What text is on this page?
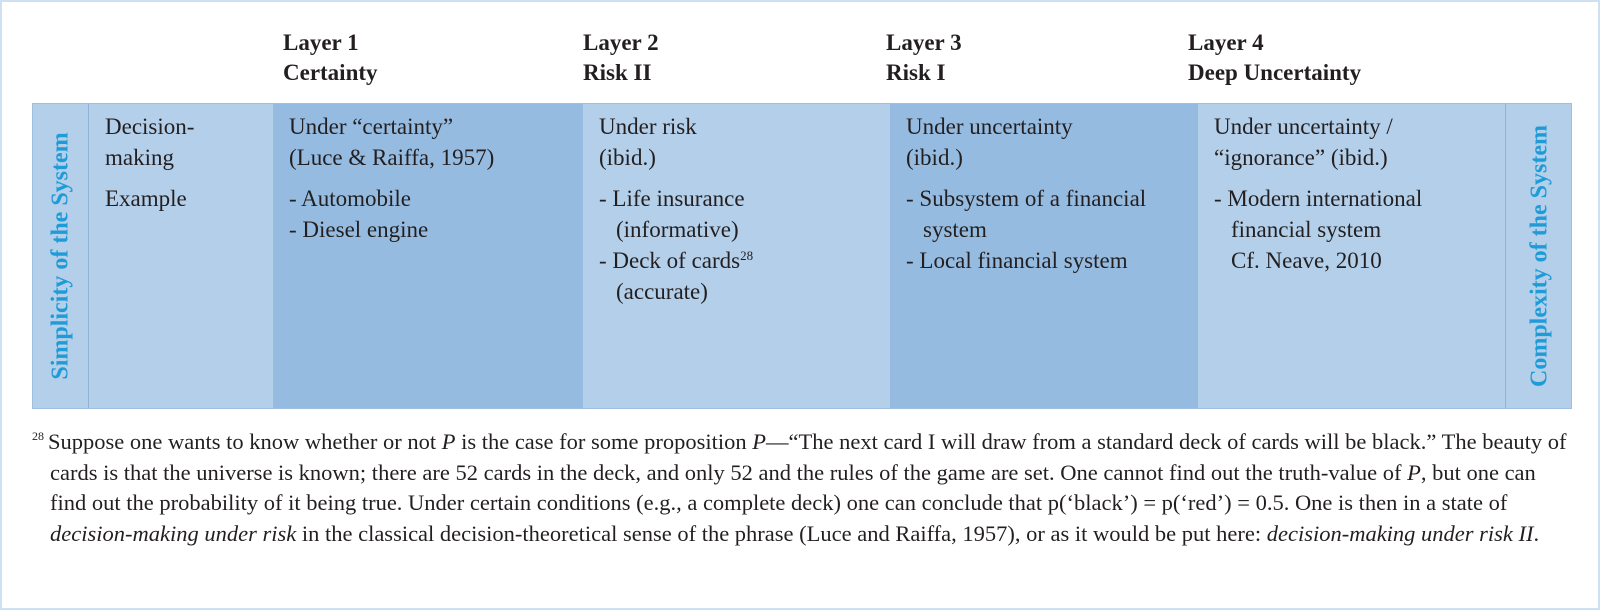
Layer 1
Certainty
Layer 2
Risk II
Layer 3
Risk I
Layer 4
Deep Uncertainty
Simplicity of the System
Decision-
making
Example
Under “certainty”
(Luce & Raiffa, 1957)
- Automobile
- Diesel engine
Under risk
(ibid.)
- Life insurance
(informative)
- Deck of cards$^{28}$
(accurate)
Under uncertainty
(ibid.)
- Subsystem of a financial
system
- Local financial system
Under uncertainty /
“ignorance” (ibid.)
- Modern international
financial system
Cf. Neave, 2010	Complexity of the System

$^{28}$ Suppose one wants to know whether or not P is the case for some proposition P—“The next card I will draw from a standard deck of cards will be black.” The beauty of cards is that the universe is known; there are 52 cards in the deck, and only 52 and the rules of the game are set. One cannot find out the truth-value of P, but one can find out the probability of it being true. Under certain conditions (e.g., a complete deck) one can conclude that p(‘black’) = p(‘red’) = 0.5. One is then in a state of decision-making under risk in the classical decision-theoretical sense of the phrase (Luce and Raiffa, 1957), or as it would be put here: decision-making under risk II.
